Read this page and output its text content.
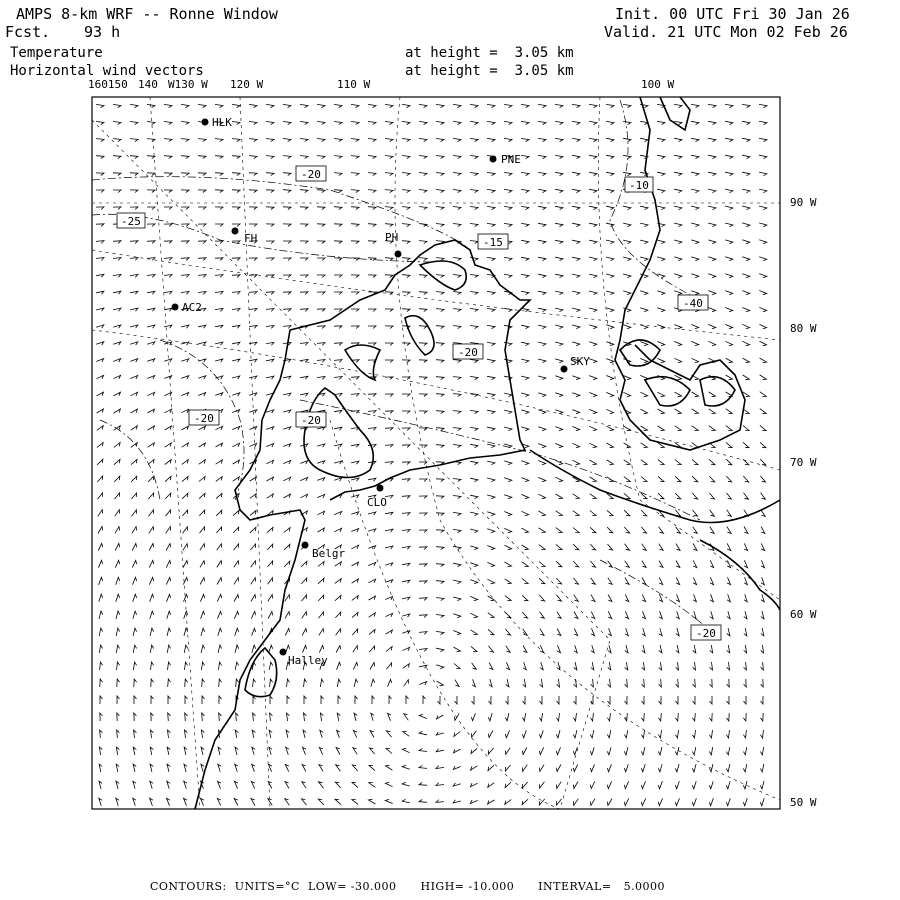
AMPS 8-km WRF -- Ronne Window
Fcst. 93 h
Temperature
Horizontal wind vectors
at height =  3.05 km
at height =  3.05 km
Init. 00 UTC Fri 30 Jan 26
Valid. 21 UTC Mon 02 Feb 26
160150 140 W130 W 120 W	110 W	100 W
90 W
80 W
70 W
60 W
50 W
HLK
PNE
FH
AC2
PH
SKY
CLO
Belgr
Halley
-20
-15
-25
-10
-40
-20
-20	-20
-20
CONTOURS:  UNITS=°C  LOW= -30.000      HIGH= -10.000      INTERVAL=   5.0000
